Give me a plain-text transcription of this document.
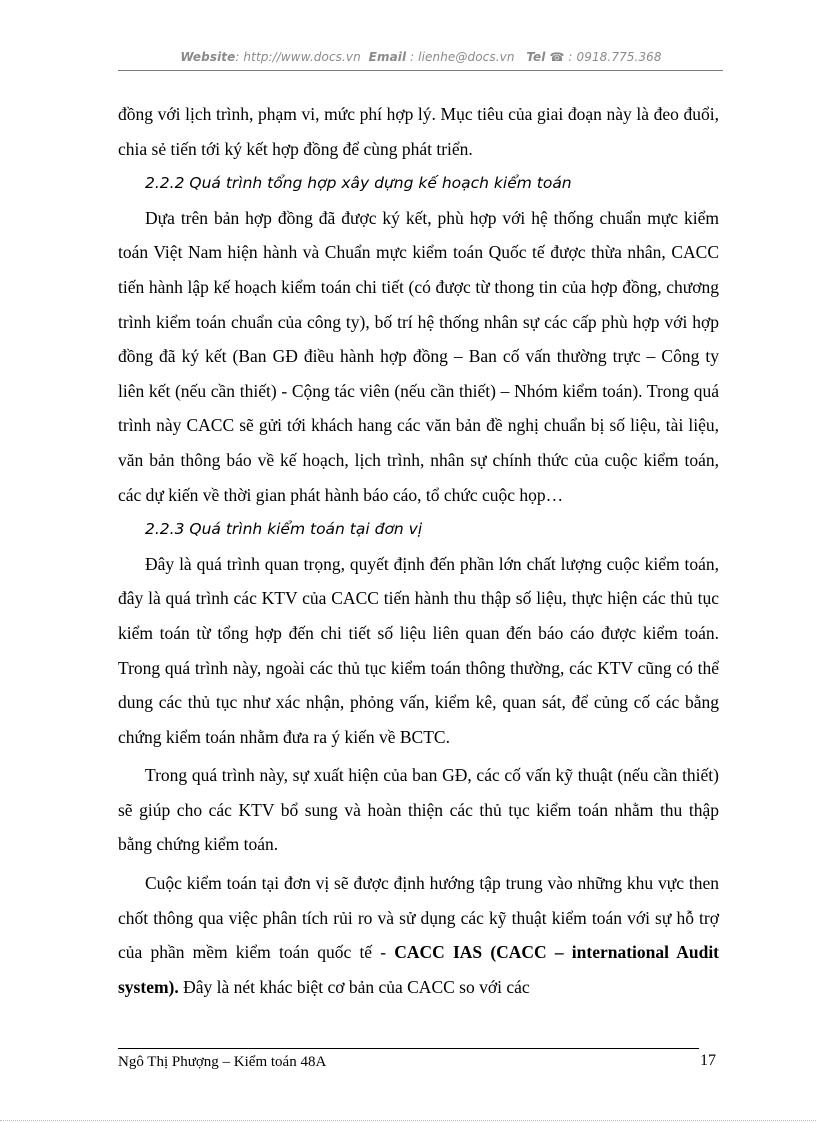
Website: http://www.docs.vn Email : lienhe@docs.vn Tel ☎ : 0918.775.368

đồng với lịch trình, phạm vi, mức phí hợp lý. Mục tiêu của giai đoạn này là đeo đuổi, chia sẻ tiến tới ký kết hợp đồng để cùng phát triển.

2.2.2 Quá trình tổng hợp xây dựng kế hoạch kiểm toán

Dựa trên bản hợp đồng đã được ký kết, phù hợp với hệ thống chuẩn mực kiểm toán Việt Nam hiện hành và Chuẩn mực kiểm toán Quốc tế được thừa nhân, CACC tiến hành lập kế hoạch kiểm toán chi tiết (có được từ thong tin của hợp đồng, chương trình kiểm toán chuẩn của công ty), bố trí hệ thống nhân sự các cấp phù hợp với hợp đồng đã ký kết (Ban GĐ điều hành hợp đồng – Ban cố vấn thường trực – Công ty liên kết (nếu cần thiết) - Cộng tác viên (nếu cần thiết) – Nhóm kiểm toán). Trong quá trình này CACC sẽ gửi tới khách hang các văn bản đề nghị chuẩn bị số liệu, tài liệu, văn bản thông báo về kế hoạch, lịch trình, nhân sự chính thức của cuộc kiểm toán, các dự kiến về thời gian phát hành báo cáo, tổ chức cuộc họp…

2.2.3 Quá trình kiểm toán tại đơn vị

Đây là quá trình quan trọng, quyết định đến phần lớn chất lượng cuộc kiểm toán, đây là quá trình các KTV của CACC tiến hành thu thập số liệu, thực hiện các thủ tục kiểm toán từ tổng hợp đến chi tiết số liệu liên quan đến báo cáo được kiểm toán. Trong quá trình này, ngoài các thủ tục kiểm toán thông thường, các KTV cũng có thể dung các thủ tục như xác nhận, phỏng vấn, kiểm kê, quan sát, để củng cố các bằng chứng kiểm toán nhằm đưa ra ý kiến về BCTC.

Trong quá trình này, sự xuất hiện của ban GĐ, các cố vấn kỹ thuật (nếu cần thiết) sẽ giúp cho các KTV bổ sung và hoàn thiện các thủ tục kiểm toán nhằm thu thập bằng chứng kiểm toán.

Cuộc kiểm toán tại đơn vị sẽ được định hướng tập trung vào những khu vực then chốt thông qua việc phân tích rủi ro và sử dụng các kỹ thuật kiểm toán với sự hỗ trợ của phần mềm kiểm toán quốc tế - CACC IAS (CACC – international Audit system). Đây là nét khác biệt cơ bản của CACC so với các

Ngô Thị Phượng – Kiểm toán 48A	17
